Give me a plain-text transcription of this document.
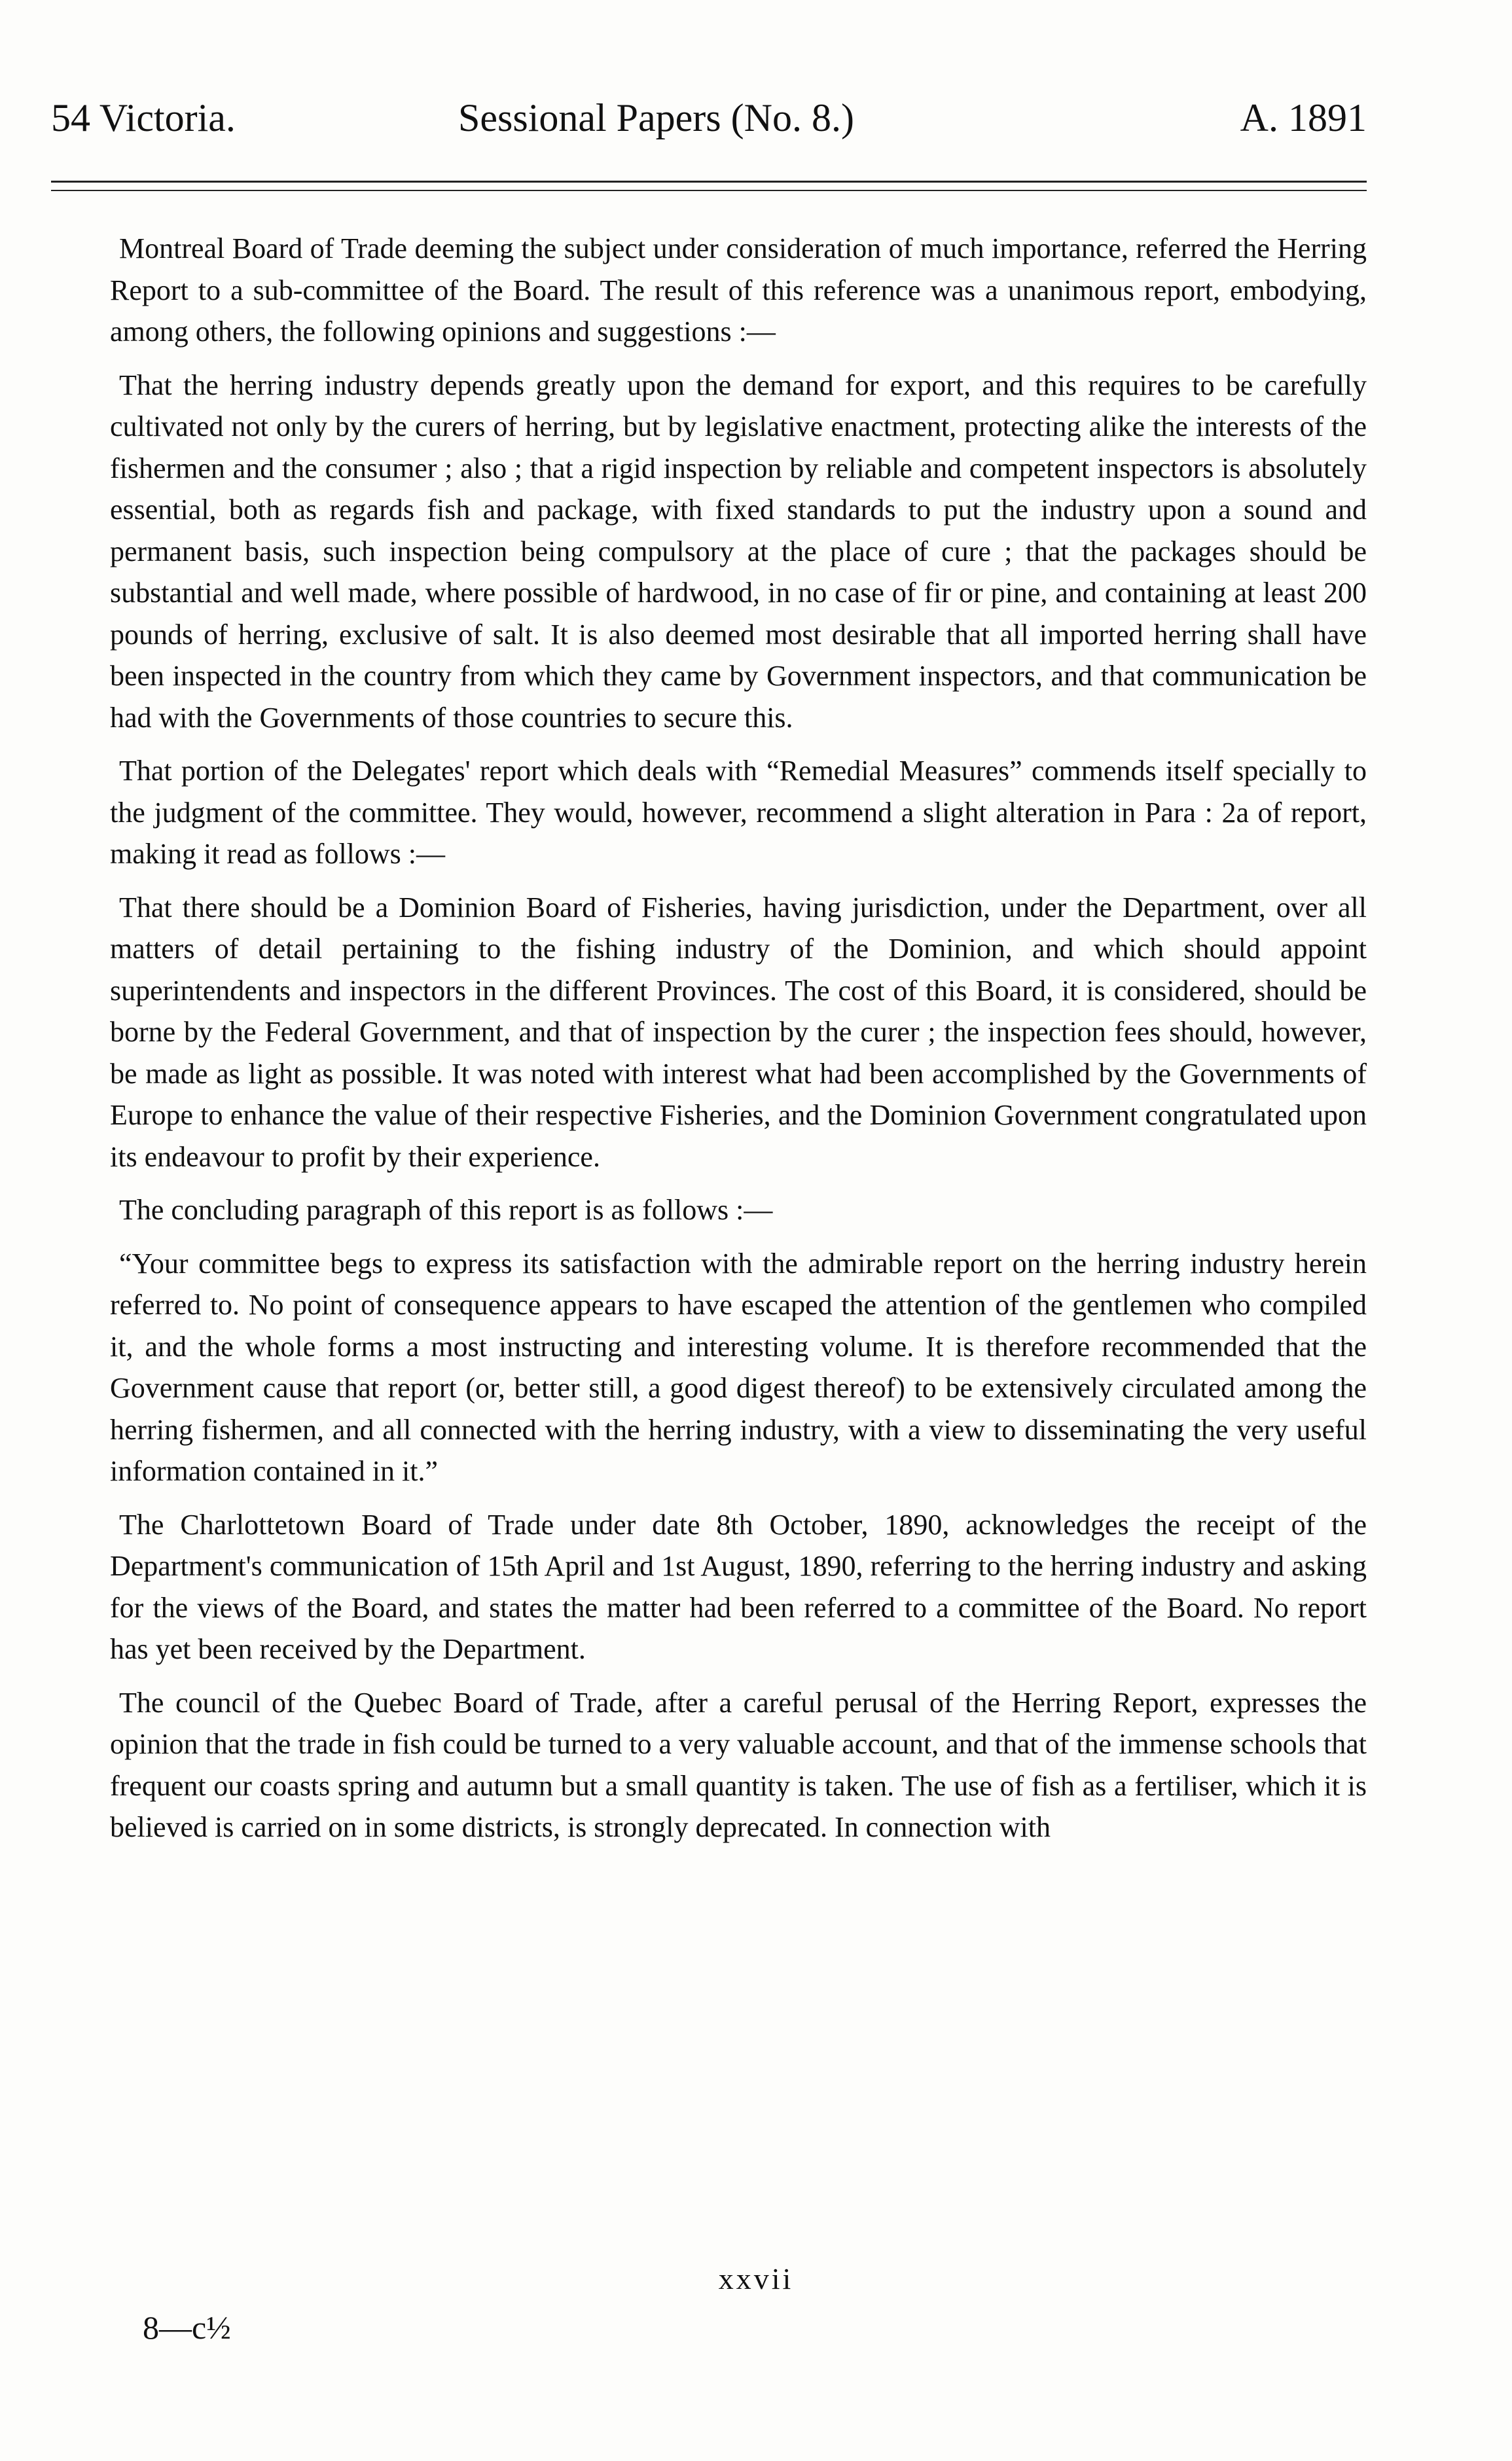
54 Victoria.	Sessional Papers (No. 8.)	A. 1891

Montreal Board of Trade deeming the subject under consideration of much importance, referred the Herring Report to a sub-committee of the Board. The result of this reference was a unanimous report, embodying, among others, the following opinions and suggestions :—

That the herring industry depends greatly upon the demand for export, and this requires to be carefully cultivated not only by the curers of herring, but by legislative enactment, protecting alike the interests of the fishermen and the consumer ; also ; that a rigid inspection by reliable and competent inspectors is absolutely essential, both as regards fish and package, with fixed standards to put the industry upon a sound and permanent basis, such inspection being compulsory at the place of cure ; that the packages should be substantial and well made, where possible of hardwood, in no case of fir or pine, and containing at least 200 pounds of herring, exclusive of salt. It is also deemed most desirable that all imported herring shall have been inspected in the country from which they came by Government inspectors, and that communication be had with the Governments of those countries to secure this.

That portion of the Delegates' report which deals with “Remedial Measures” commends itself specially to the judgment of the committee. They would, however, recommend a slight alteration in Para : 2a of report, making it read as follows :—

That there should be a Dominion Board of Fisheries, having jurisdiction, under the Department, over all matters of detail pertaining to the fishing industry of the Dominion, and which should appoint superintendents and inspectors in the different Provinces. The cost of this Board, it is considered, should be borne by the Federal Government, and that of inspection by the curer ; the inspection fees should, however, be made as light as possible. It was noted with interest what had been accomplished by the Governments of Europe to enhance the value of their respective Fisheries, and the Dominion Government congratulated upon its endeavour to profit by their experience.

The concluding paragraph of this report is as follows :—

“Your committee begs to express its satisfaction with the admirable report on the herring industry herein referred to. No point of consequence appears to have escaped the attention of the gentlemen who compiled it, and the whole forms a most instructing and interesting volume. It is therefore recommended that the Government cause that report (or, better still, a good digest thereof) to be extensively circulated among the herring fishermen, and all connected with the herring industry, with a view to disseminating the very useful information contained in it.”

The Charlottetown Board of Trade under date 8th October, 1890, acknowledges the receipt of the Department's communication of 15th April and 1st August, 1890, referring to the herring industry and asking for the views of the Board, and states the matter had been referred to a committee of the Board. No report has yet been received by the Department.

The council of the Quebec Board of Trade, after a careful perusal of the Herring Report, expresses the opinion that the trade in fish could be turned to a very valuable account, and that of the immense schools that frequent our coasts spring and autumn but a small quantity is taken. The use of fish as a fertiliser, which it is believed is carried on in some districts, is strongly deprecated. In connection with

xxvii
8—c½
